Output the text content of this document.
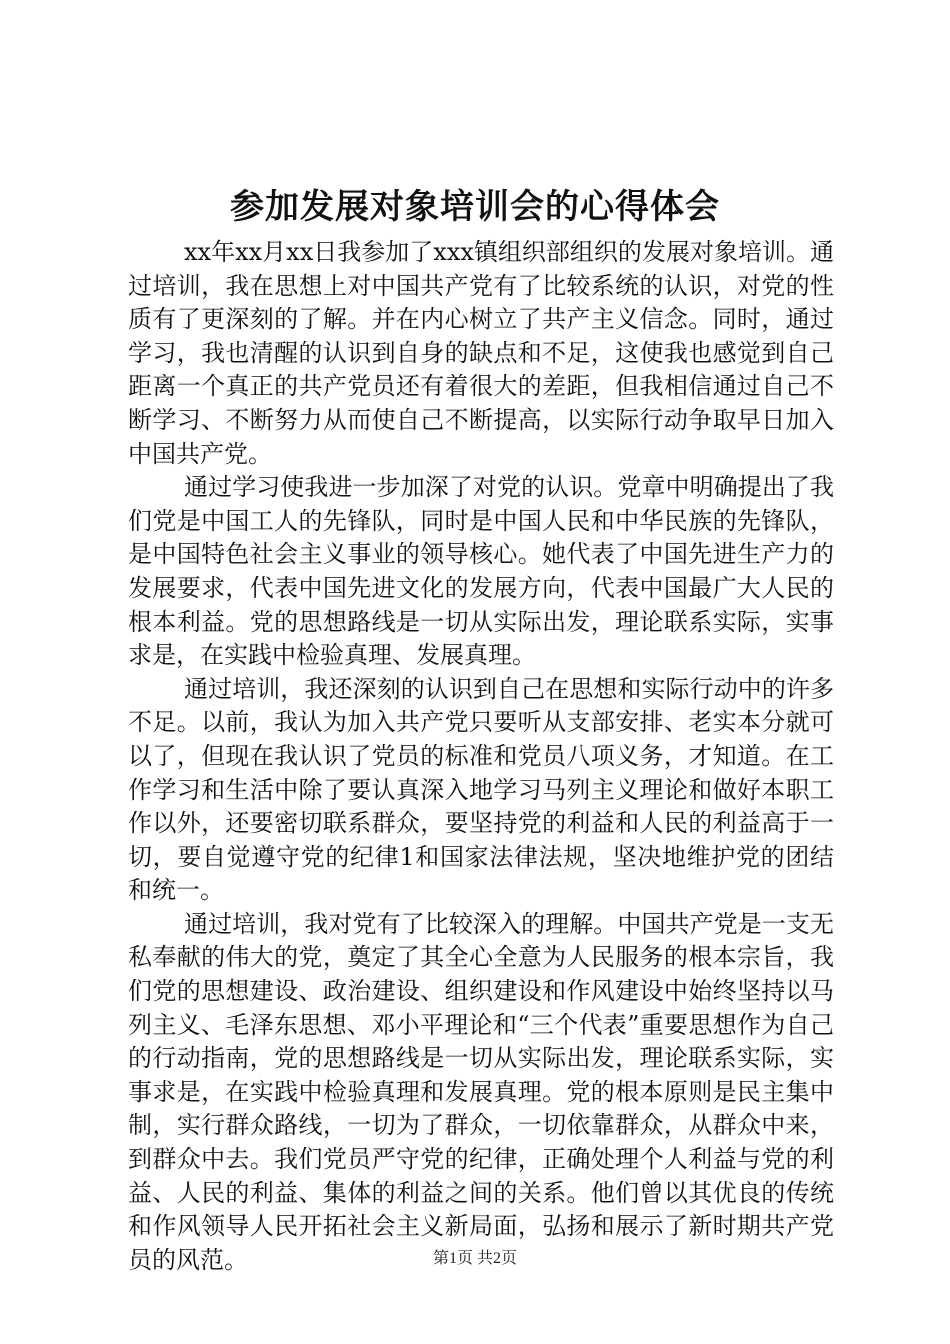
参加发展对象培训会的心得体会

xx年xx月xx日我参加了xxx镇组织部组织的发展对象培训。通过培训，我在思想上对中国共产党有了比较系统的认识，对党的性质有了更深刻的了解。并在内心树立了共产主义信念。同时，通过学习，我也清醒的认识到自身的缺点和不足，这使我也感觉到自己距离一个真正的共产党员还有着很大的差距，但我相信通过自己不断学习、不断努力从而使自己不断提高，以实际行动争取早日加入中国共产党。

通过学习使我进一步加深了对党的认识。党章中明确提出了我们党是中国工人的先锋队，同时是中国人民和中华民族的先锋队，是中国特色社会主义事业的领导核心。她代表了中国先进生产力的发展要求，代表中国先进文化的发展方向，代表中国最广大人民的根本利益。党的思想路线是一切从实际出发，理论联系实际，实事求是，在实践中检验真理、发展真理。

通过培训，我还深刻的认识到自己在思想和实际行动中的许多不足。以前，我认为加入共产党只要听从支部安排、老实本分就可以了，但现在我认识了党员的标准和党员八项义务，才知道。在工作学习和生活中除了要认真深入地学习马列主义理论和做好本职工作以外，还要密切联系群众，要坚持党的利益和人民的利益高于一切，要自觉遵守党的纪律1和国家法律法规，坚决地维护党的团结和统一。

通过培训，我对党有了比较深入的理解。中国共产党是一支无私奉献的伟大的党，奠定了其全心全意为人民服务的根本宗旨，我们党的思想建设、政治建设、组织建设和作风建设中始终坚持以马列主义、毛泽东思想、邓小平理论和“三个代表”重要思想作为自己的行动指南，党的思想路线是一切从实际出发，理论联系实际，实事求是，在实践中检验真理和发展真理。党的根本原则是民主集中制，实行群众路线，一切为了群众，一切依靠群众，从群众中来，到群众中去。我们党员严守党的纪律，正确处理个人利益与党的利益、人民的利益、集体的利益之间的关系。他们曾以其优良的传统和作风领导人民开拓社会主义新局面，弘扬和展示了新时期共产党员的风范。	第1页 共2页
